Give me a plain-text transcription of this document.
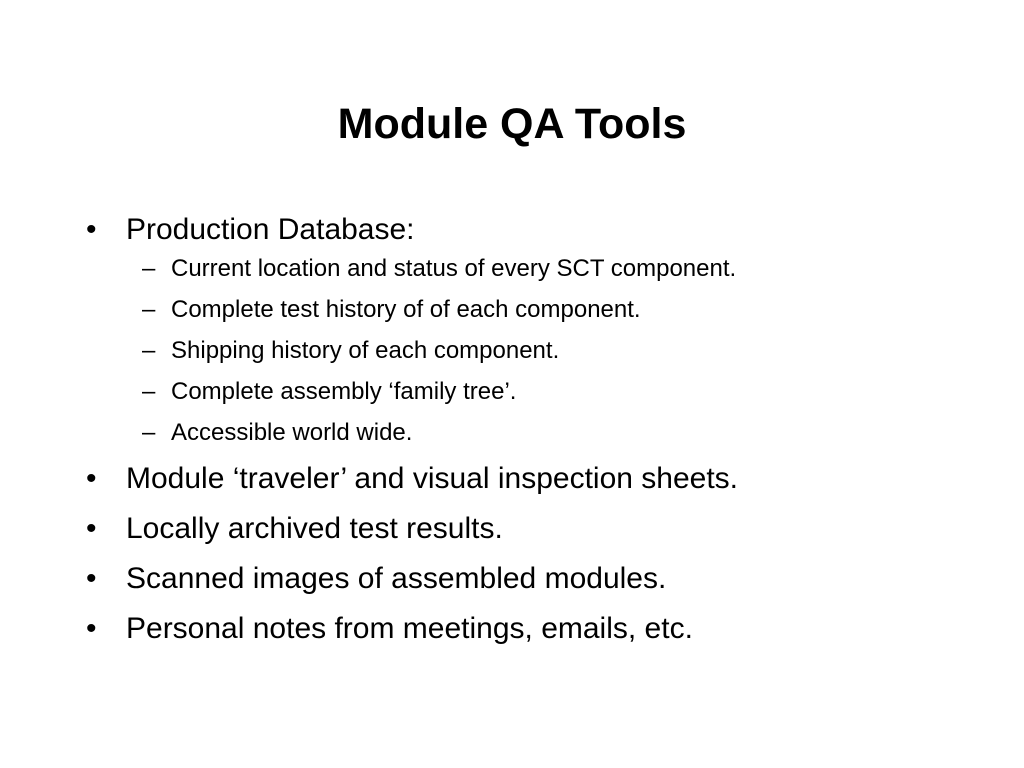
Module QA Tools
• Production Database:
– Current location and status of every SCT component.
– Complete test history of of each component.
– Shipping history of each component.
– Complete assembly ‘family tree’.
– Accessible world wide.
• Module ‘traveler’ and visual inspection sheets.
• Locally archived test results.
• Scanned images of assembled modules.
• Personal notes from meetings, emails, etc.
